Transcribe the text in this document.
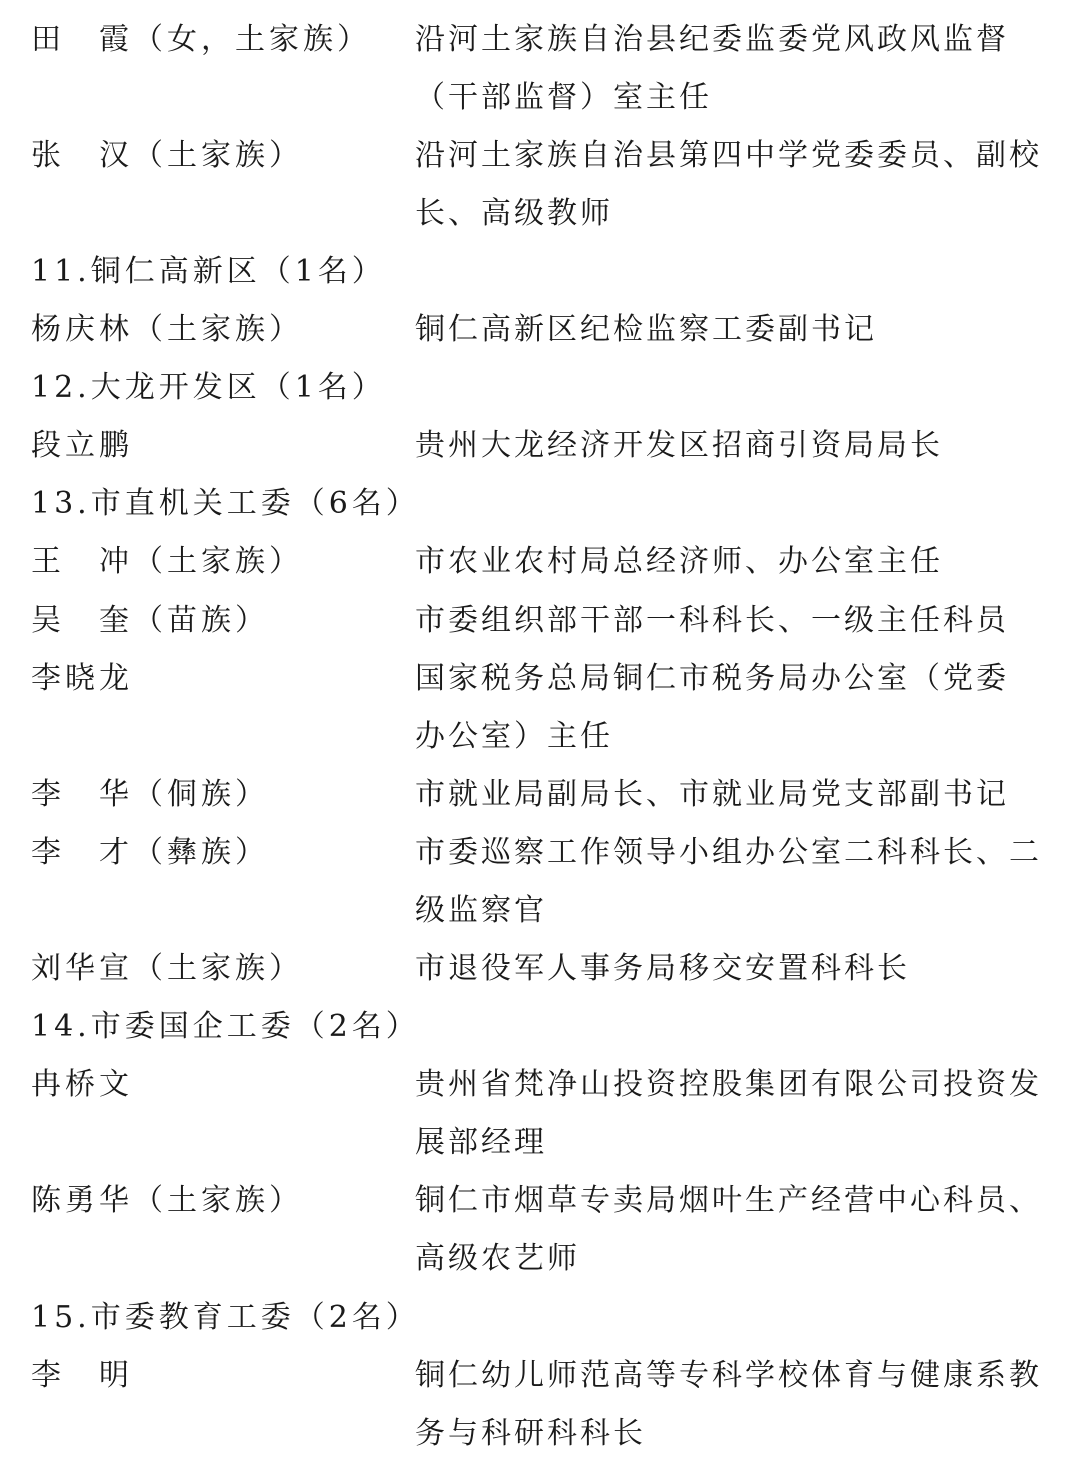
田　霞（女，土家族） 沿河土家族自治县纪委监委党风政风监督
（干部监督）室主任
张　汉（土家族）	沿河土家族自治县第四中学党委委员、副校
长、高级教师
11.铜仁高新区（1名）
杨庆林（土家族）	铜仁高新区纪检监察工委副书记
12.大龙开发区（1名）
段立鹏	贵州大龙经济开发区招商引资局局长
13.市直机关工委（6名）
王　冲（土家族）	市农业农村局总经济师、办公室主任
吴　奎（苗族）	市委组织部干部一科科长、一级主任科员
李晓龙	国家税务总局铜仁市税务局办公室（党委
办公室）主任
李　华（侗族）	市就业局副局长、市就业局党支部副书记
李　才（彝族）	市委巡察工作领导小组办公室二科科长、二
级监察官
刘华宣（土家族）	市退役军人事务局移交安置科科长
14.市委国企工委（2名）
冉桥文	贵州省梵净山投资控股集团有限公司投资发
展部经理
陈勇华（土家族）	铜仁市烟草专卖局烟叶生产经营中心科员、
高级农艺师
15.市委教育工委（2名）
李　明	铜仁幼儿师范高等专科学校体育与健康系教
务与科研科科长
